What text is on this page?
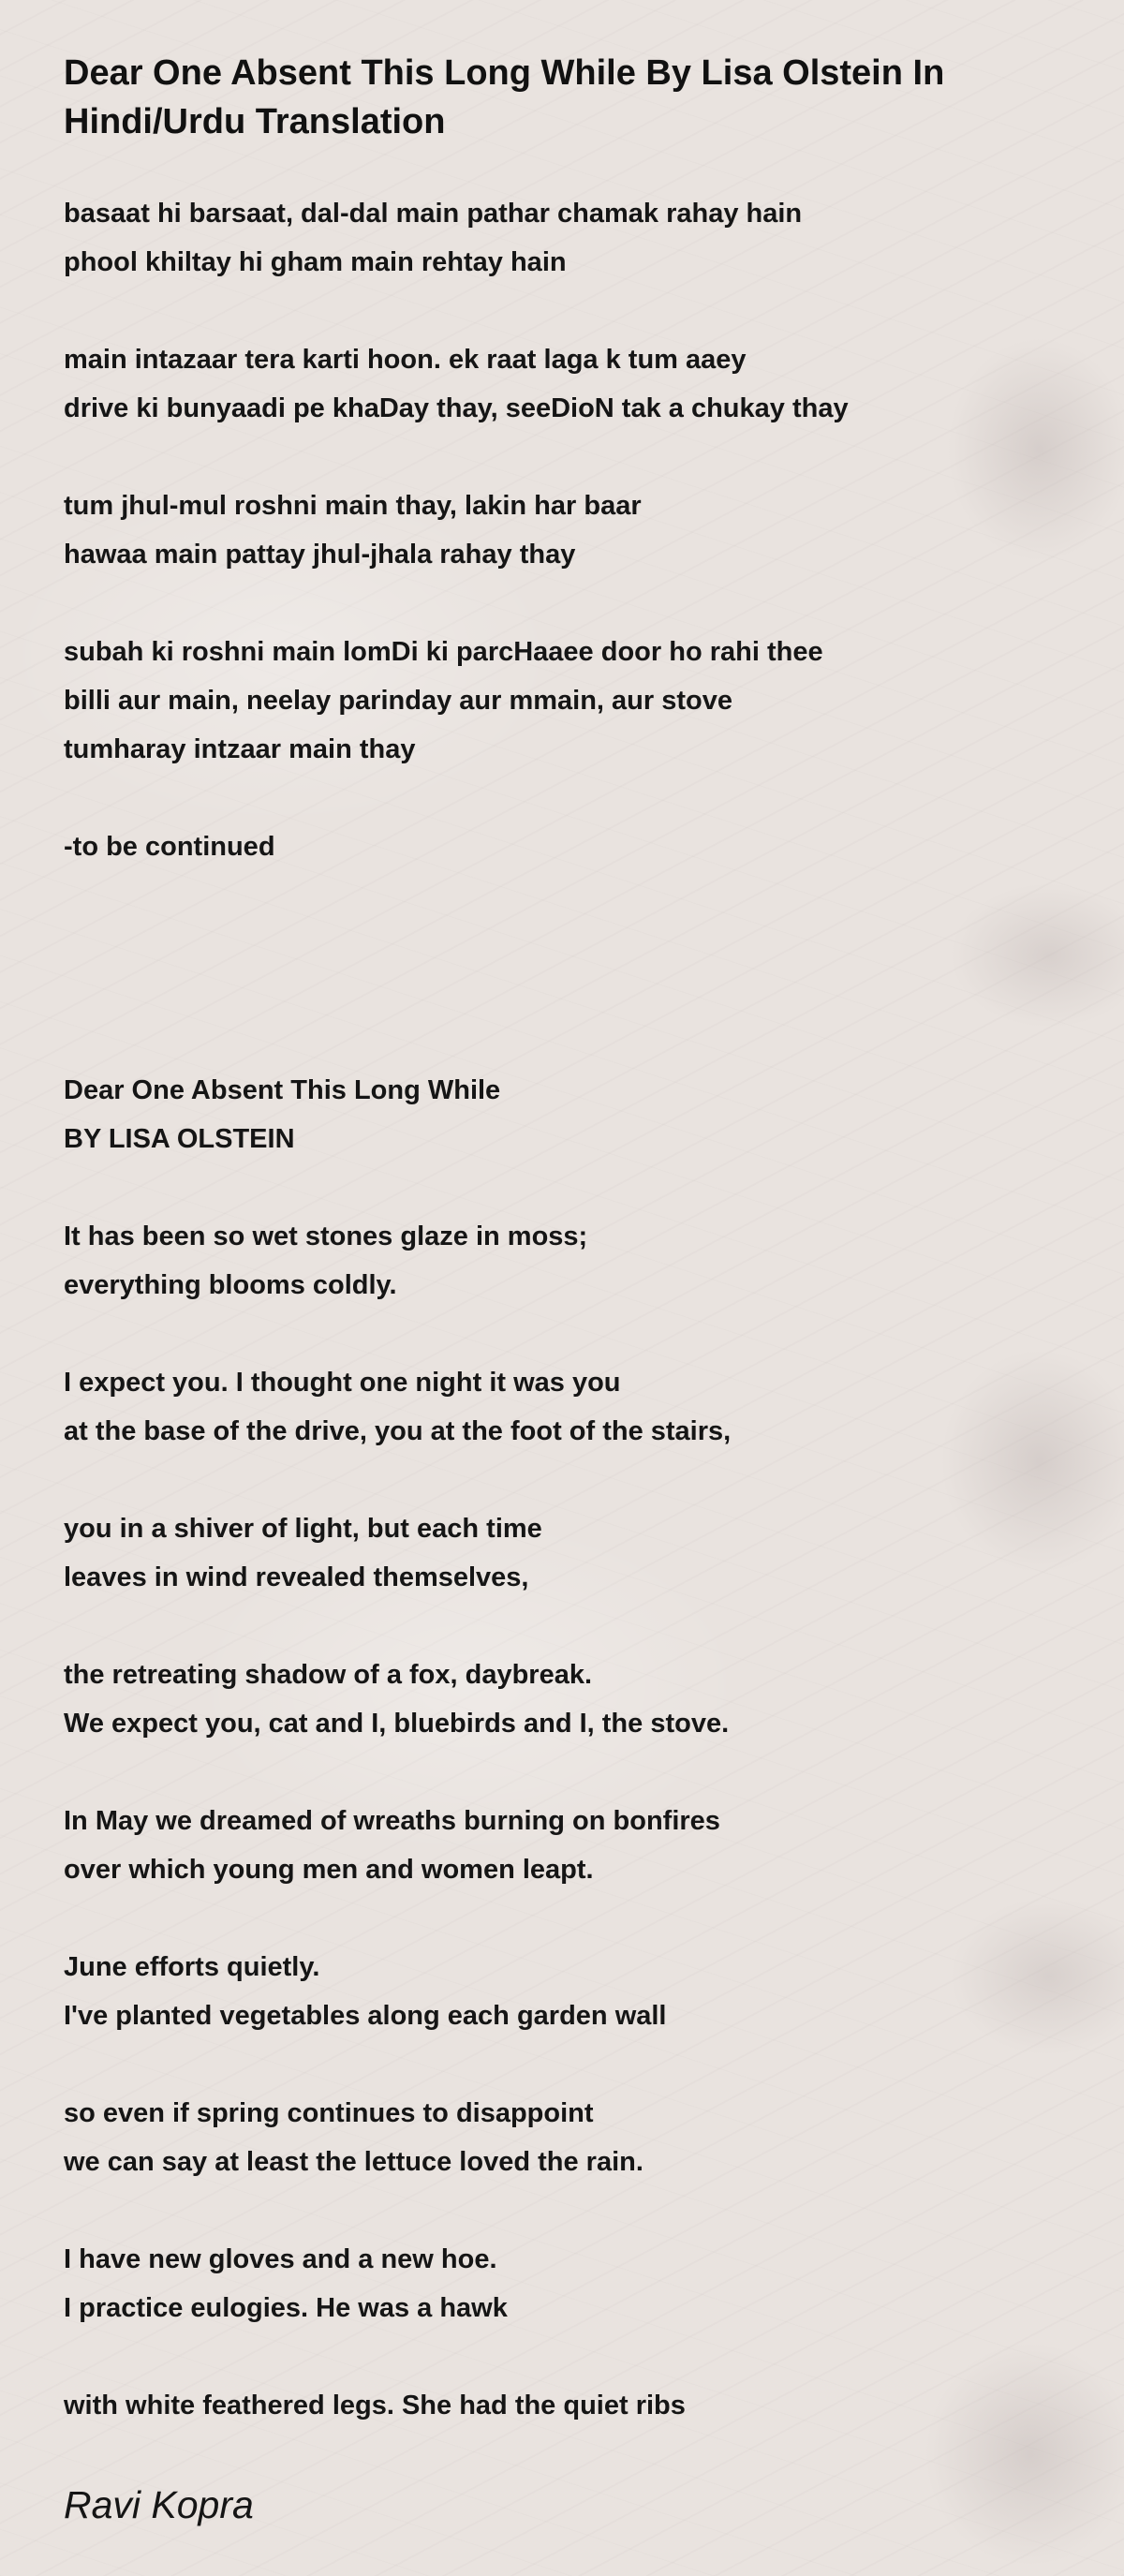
Dear One Absent This Long While By Lisa Olstein In Hindi/Urdu Translation
basaat hi barsaat, dal-dal main pathar chamak rahay hain
phool khiltay hi gham main rehtay hain
main intazaar tera karti hoon. ek raat laga k tum aaey
drive ki bunyaadi pe khaDay thay, seeDioN tak a chukay thay
tum jhul-mul roshni main thay, lakin har baar
hawaa main pattay jhul-jhala rahay thay
subah ki roshni main lomDi ki parcHaaee door ho rahi thee
billi aur main, neelay parinday aur mmain, aur stove
tumharay intzaar main thay
-to be continued
Dear One Absent This Long While
BY LISA OLSTEIN
It has been so wet stones glaze in moss;
everything blooms coldly.
I expect you. I thought one night it was you
at the base of the drive, you at the foot of the stairs,
you in a shiver of light, but each time
leaves in wind revealed themselves,
the retreating shadow of a fox, daybreak.
We expect you, cat and I, bluebirds and I, the stove.
In May we dreamed of wreaths burning on bonfires
over which young men and women leapt.
June efforts quietly.
I've planted vegetables along each garden wall
so even if spring continues to disappoint
we can say at least the lettuce loved the rain.
I have new gloves and a new hoe.
I practice eulogies. He was a hawk
with white feathered legs. She had the quiet ribs
Ravi Kopra
